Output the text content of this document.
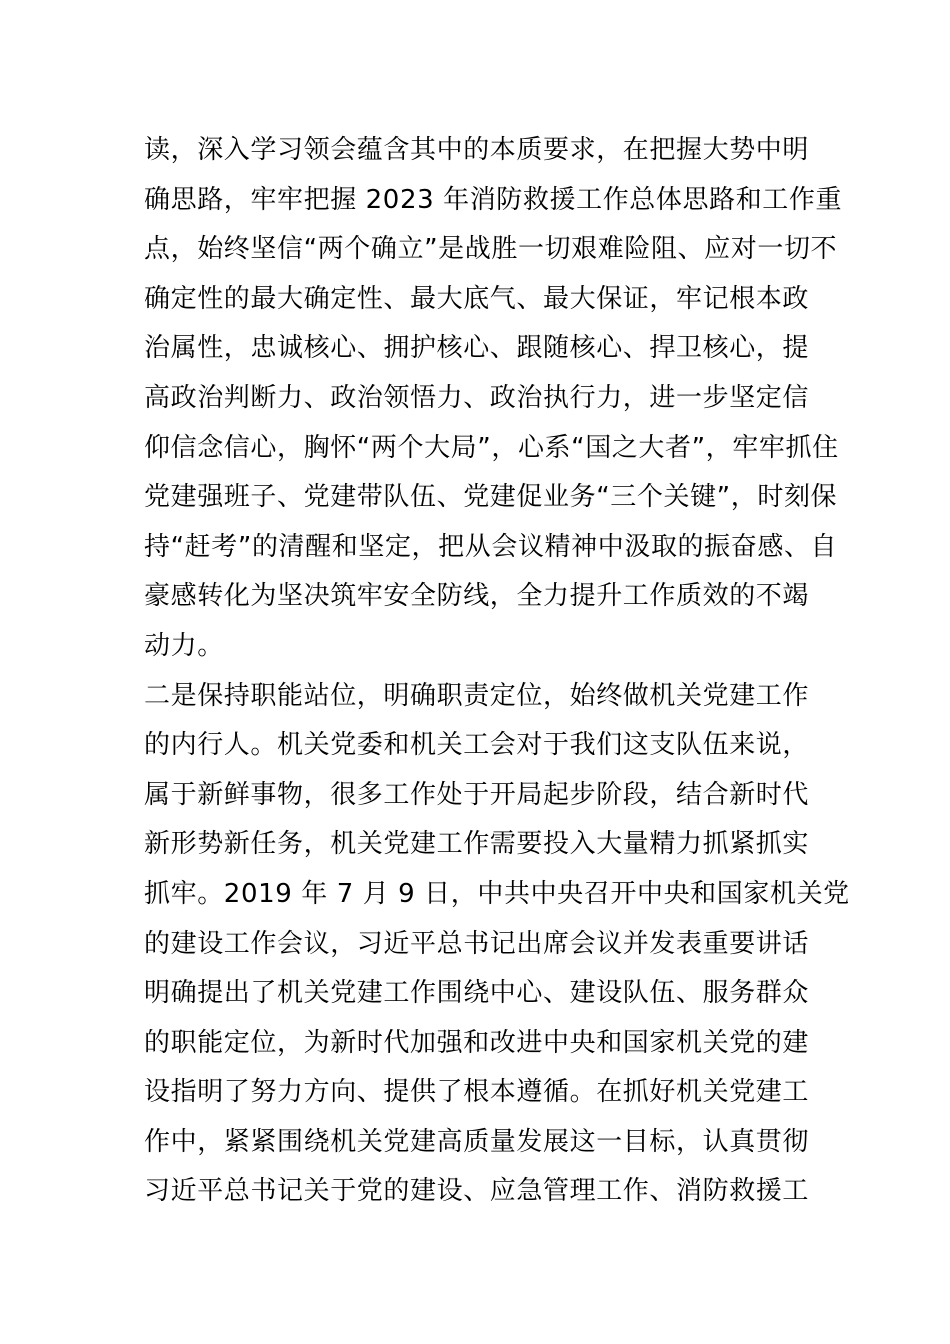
读，深入学习领会蕴含其中的本质要求，在把握大势中明
确思路，牢牢把握 2023 年消防救援工作总体思路和工作重
点，始终坚信“两个确立”是战胜一切艰难险阻、应对一切不
确定性的最大确定性、最大底气、最大保证，牢记根本政
治属性，忠诚核心、拥护核心、跟随核心、捍卫核心，提
高政治判断力、政治领悟力、政治执行力，进一步坚定信
仰信念信心，胸怀“两个大局”，心系“国之大者”，牢牢抓住
党建强班子、党建带队伍、党建促业务“三个关键”，时刻保
持“赶考”的清醒和坚定，把从会议精神中汲取的振奋感、自
豪感转化为坚决筑牢安全防线，全力提升工作质效的不竭
动力。
二是保持职能站位，明确职责定位，始终做机关党建工作
的内行人。机关党委和机关工会对于我们这支队伍来说，
属于新鲜事物，很多工作处于开局起步阶段，结合新时代
新形势新任务，机关党建工作需要投入大量精力抓紧抓实
抓牢。2019 年 7 月 9 日，中共中央召开中央和国家机关党
的建设工作会议，习近平总书记出席会议并发表重要讲话
明确提出了机关党建工作围绕中心、建设队伍、服务群众
的职能定位，为新时代加强和改进中央和国家机关党的建
设指明了努力方向、提供了根本遵循。在抓好机关党建工
作中，紧紧围绕机关党建高质量发展这一目标，认真贯彻
习近平总书记关于党的建设、应急管理工作、消防救援工
